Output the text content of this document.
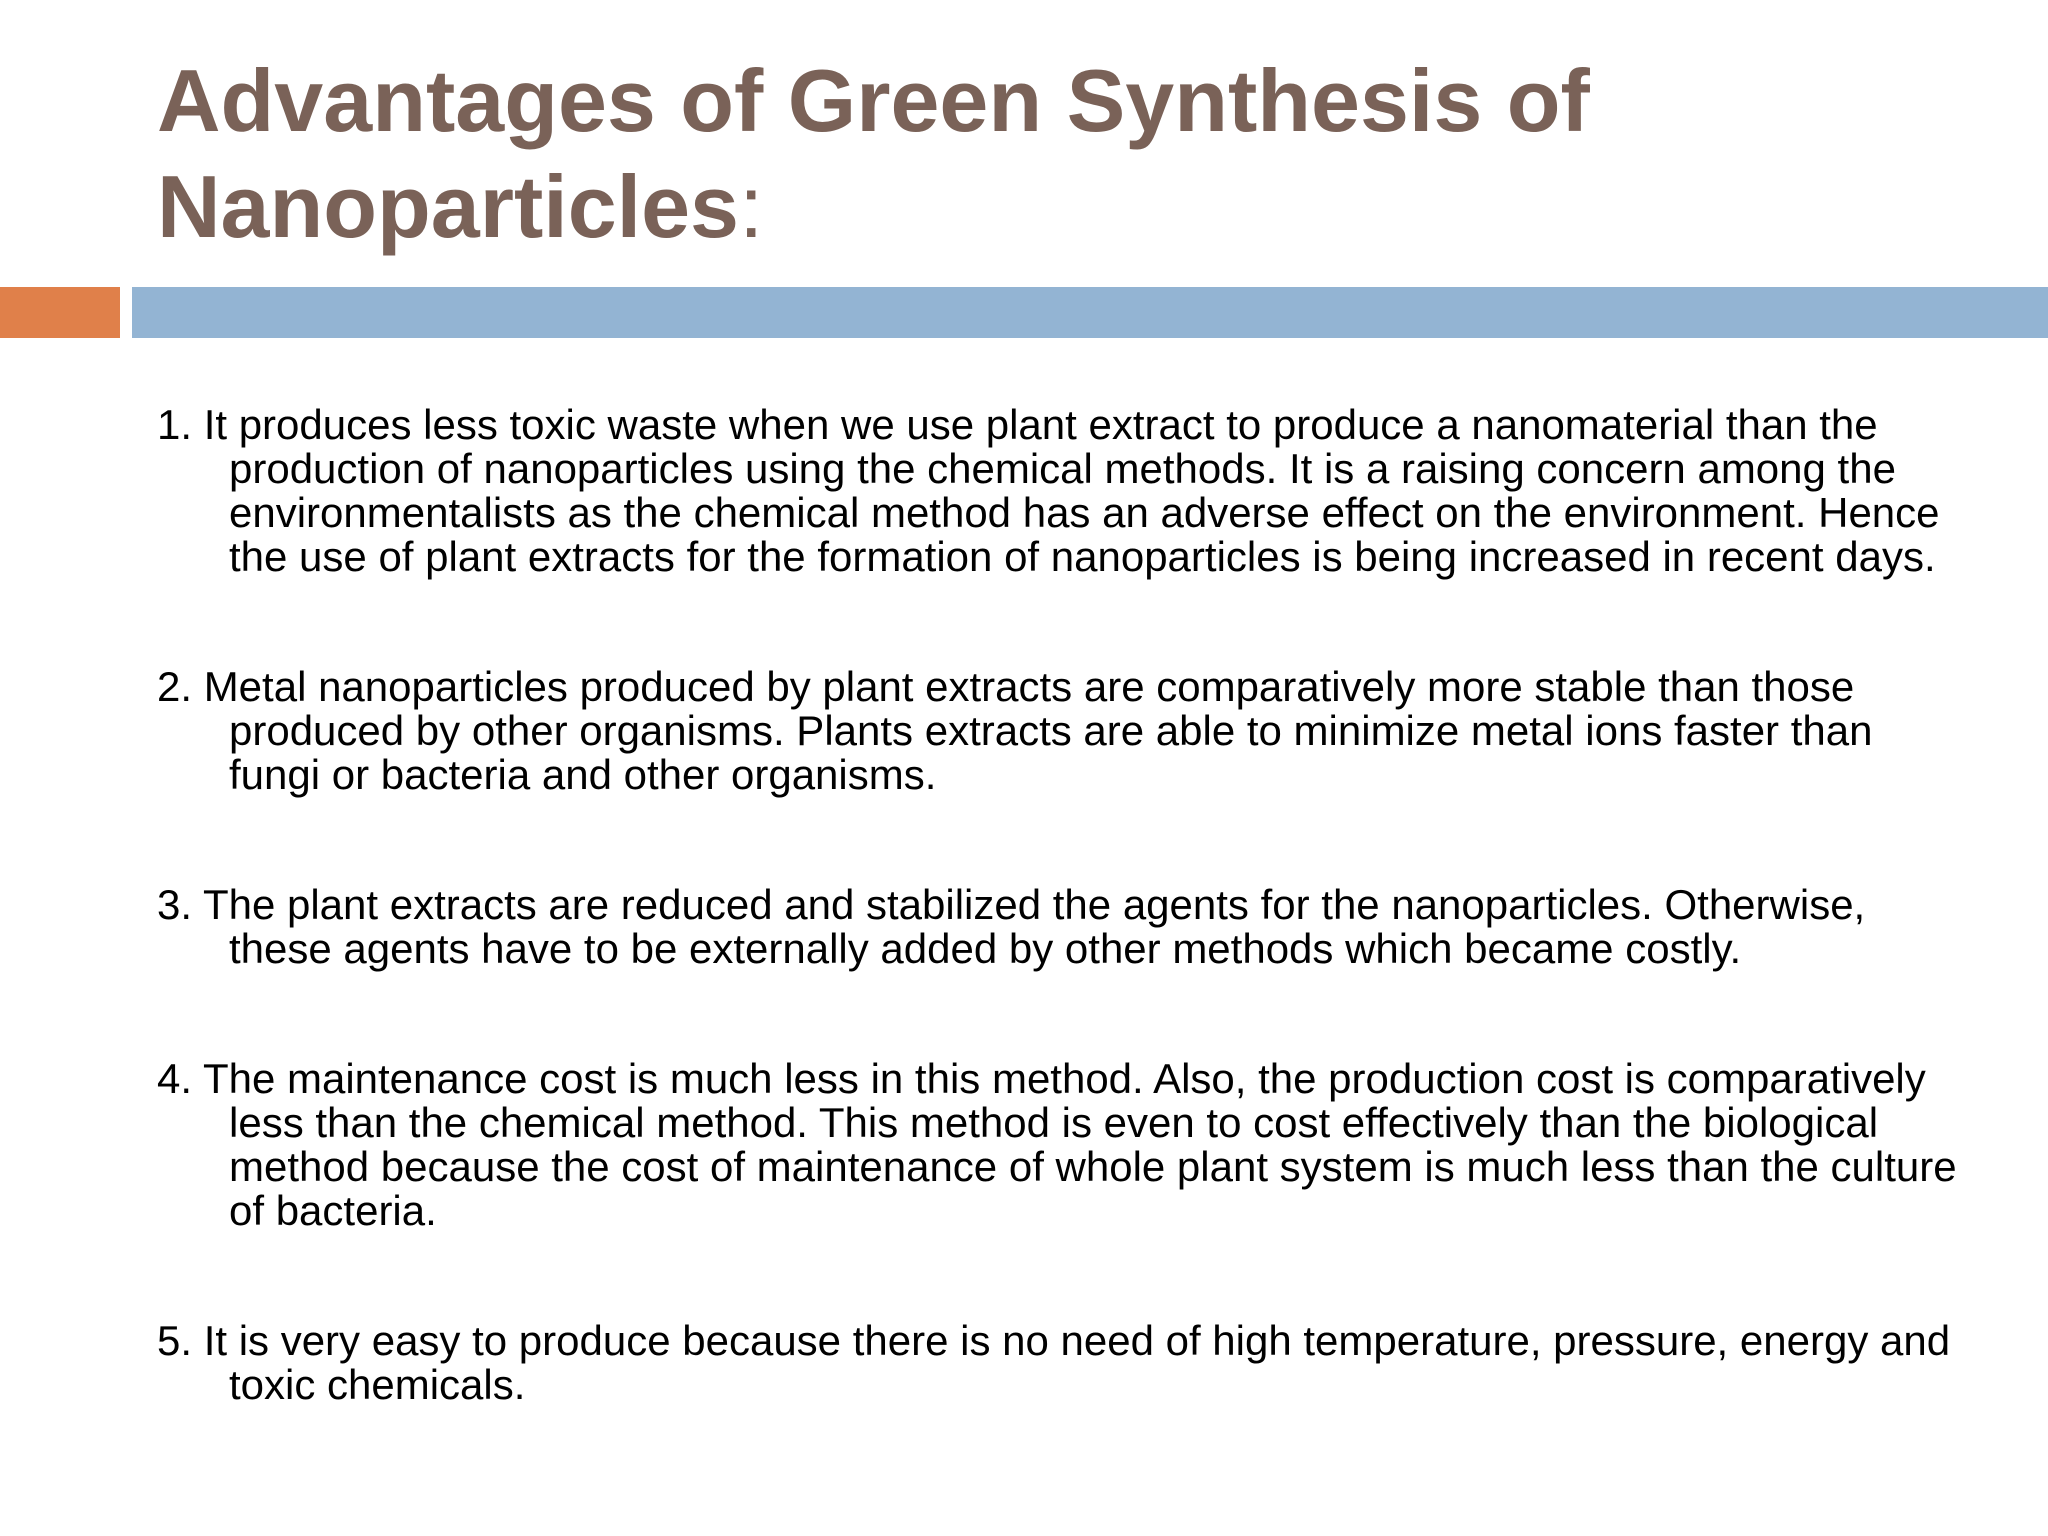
Advantages of Green Synthesis of Nanoparticles:
1. It produces less toxic waste when we use plant extract to produce a nanomaterial than the production of nanoparticles using the chemical methods. It is a raising concern among the environmentalists as the chemical method has an adverse effect on the environment. Hence the use of plant extracts for the formation of nanoparticles is being increased in recent days.
2. Metal nanoparticles produced by plant extracts are comparatively more stable than those produced by other organisms. Plants extracts are able to minimize metal ions faster than fungi or bacteria and other organisms.
3. The plant extracts are reduced and stabilized the agents for the nanoparticles. Otherwise, these agents have to be externally added by other methods which became costly.
4. The maintenance cost is much less in this method. Also, the production cost is comparatively less than the chemical method. This method is even to cost effectively than the biological method because the cost of maintenance of whole plant system is much less than the culture of bacteria.
5. It is very easy to produce because there is no need of high temperature, pressure, energy and toxic chemicals.
